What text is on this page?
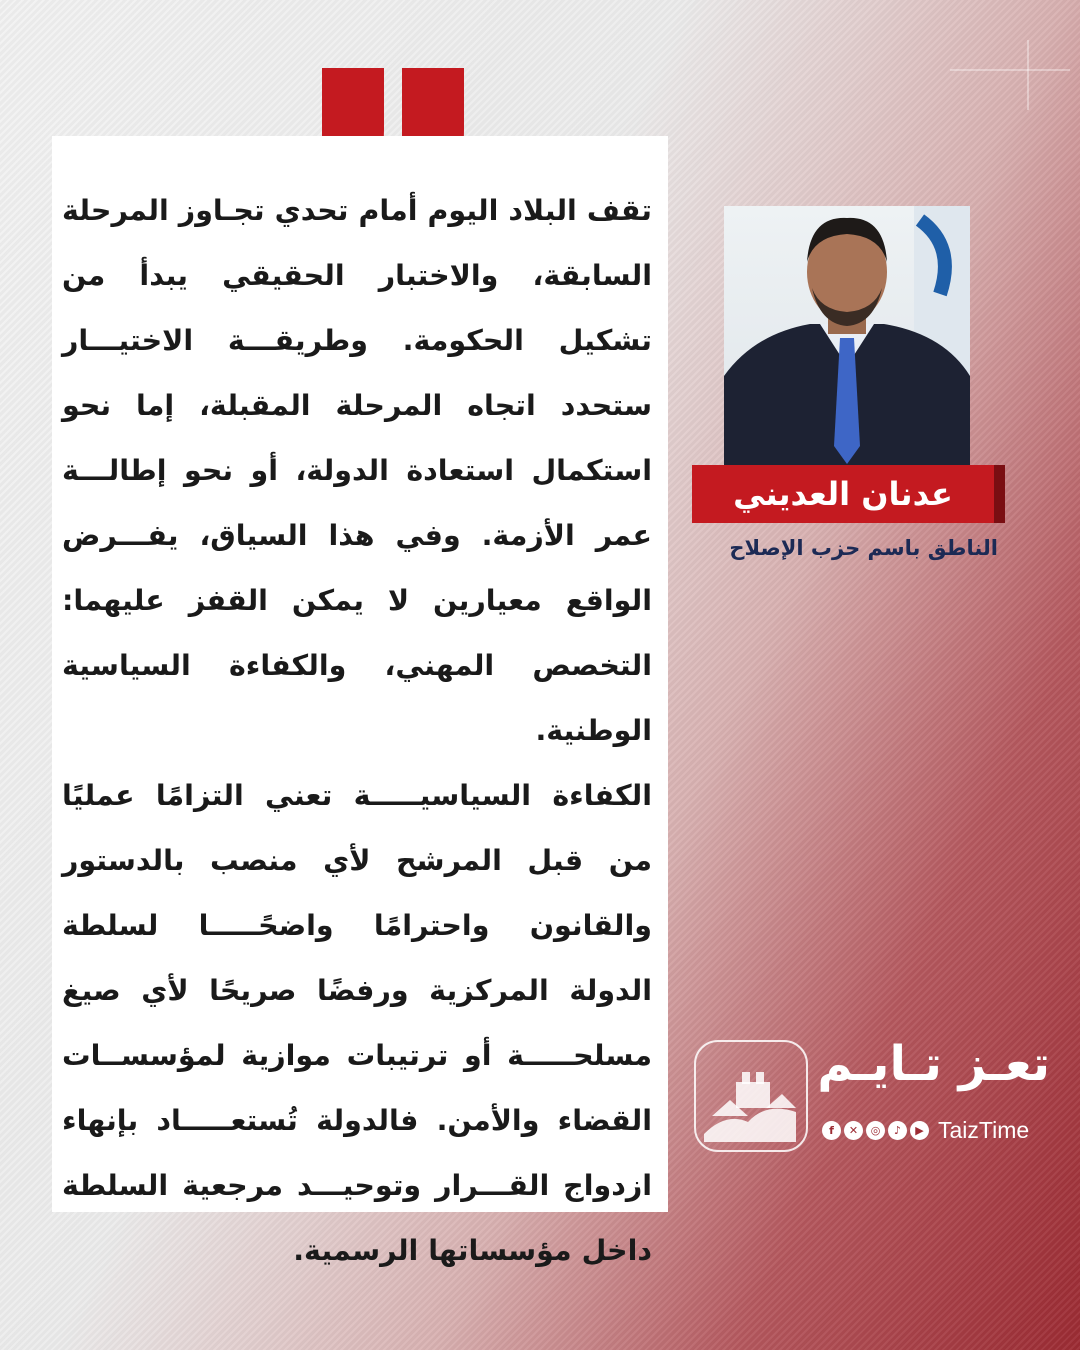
تقف البلاد اليوم أمام تحدي تجـاوز المرحلة السابقة، والاختبار الحقيقي يبدأ من تشكيل الحكومة. وطريقـــة الاختيـــار ستحدد اتجاه المرحلة المقبلة، إما نحو استكمال استعادة الدولة، أو نحو إطالـــة عمر الأزمة. وفي هذا السياق، يفـــرض الواقع معيارين لا يمكن القفز عليهما: التخصص المهني، والكفاءة السياسية الوطنية.

الكفاءة السياسيـــــة تعني التزامًا عمليًا من قبل المرشح لأي منصب بالدستور والقانون واحترامًا واضحًـــــا لسلطة الدولة المركزية ورفضًا صريحًا لأي صيغ مسلحـــــة أو ترتيبات موازية لمؤسســات القضاء والأمن. فالدولة تُستعـــــاد بإنهاء ازدواج القـــرار وتوحيـــد مرجعية السلطة داخل مؤسساتها الرسمية.

عدنان العديني
الناطق باسم حزب الإصلاح
تعـز تـايـم
f	✕	◎	♪	▶ TaizTime
